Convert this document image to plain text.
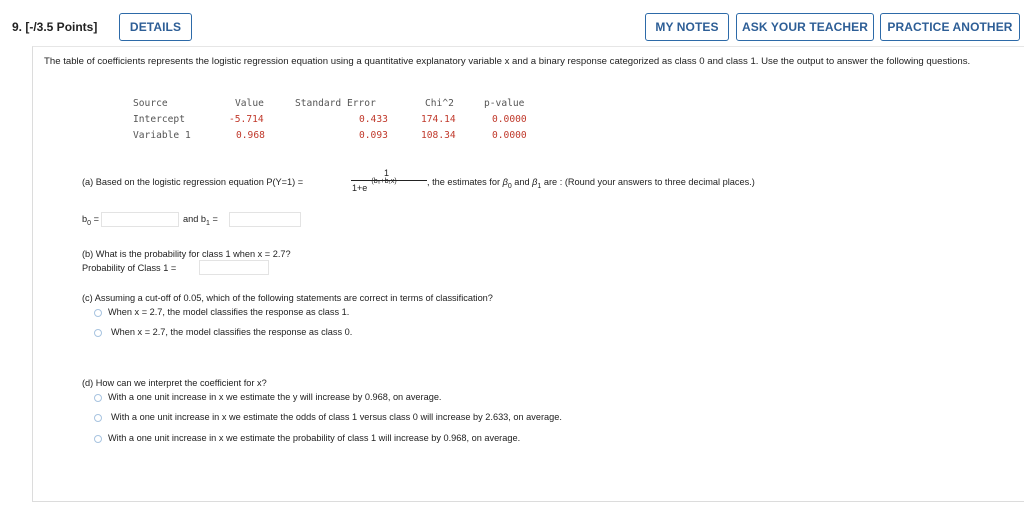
9. [-/3.5 Points]	DETAILS	MY NOTES	ASK YOUR TEACHER	PRACTICE ANOTHER
The table of coefficients represents the logistic regression equation using a quantitative explanatory variable x and a binary response categorized as class 0 and class 1. Use the output to answer the following questions.
Source	Value	Standard Error	Chi^2	p-value
Intercept	-5.714	0.433	174.14	0.0000
Variable 1	0.968	0.093	108.34	0.0000
(a) Based on the logistic regression equation P(Y=1) =
1
$1+e^{-(b_0+b_1x)}$	, the estimates for $\beta_0$ and $\beta_1$ are : (Round your answers to three decimal places.)
$b_0$ =	and $b_1$ =
(b) What is the probability for class 1 when x = 2.7?
Probability of Class 1 =
(c) Assuming a cut-off of 0.05, which of the following statements are correct in terms of classification?
When x = 2.7, the model classifies the response as class 1.
When x = 2.7, the model classifies the response as class 0.
(d) How can we interpret the coefficient for x?
With a one unit increase in x we estimate the y will increase by 0.968, on average.
With a one unit increase in x we estimate the odds of class 1 versus class 0 will increase by 2.633, on average.
With a one unit increase in x we estimate the probability of class 1 will increase by 0.968, on average.
